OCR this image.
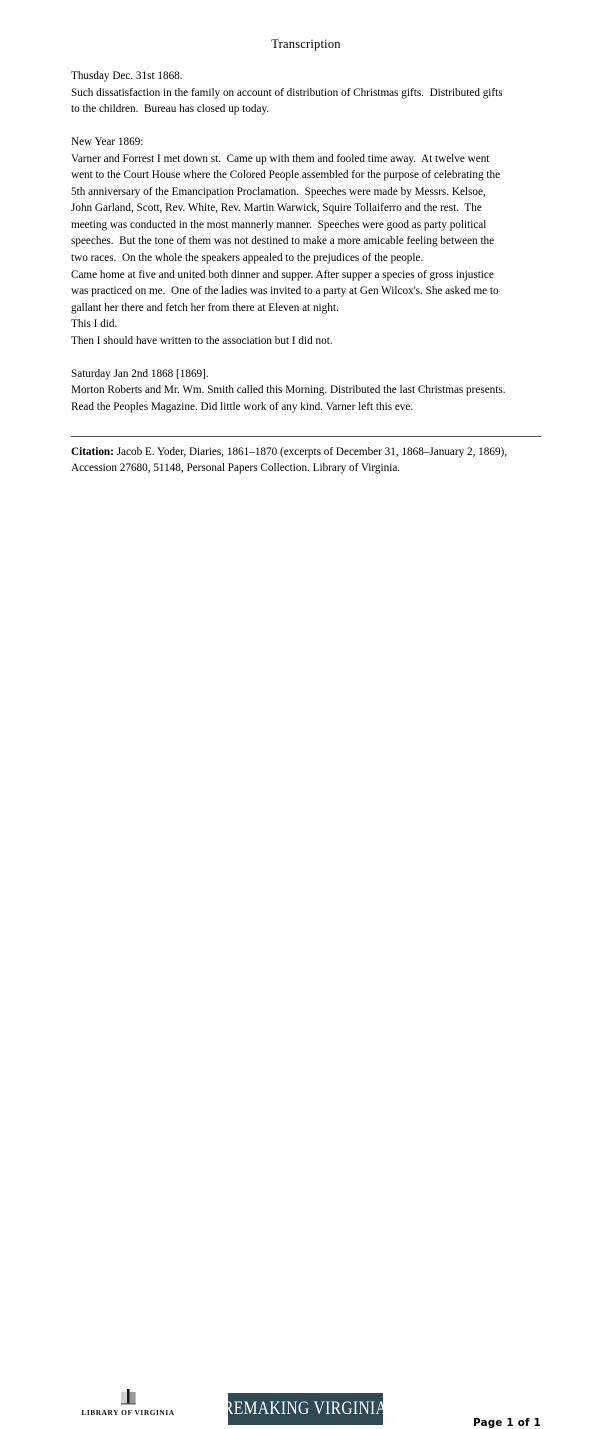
Transcription

Thusday Dec. 31st 1868.
Such dissatisfaction in the family on account of distribution of Christmas gifts.  Distributed gifts
to the children.  Bureau has closed up today.

New Year 1869:
Varner and Forrest I met down st.  Came up with them and fooled time away.  At twelve went
went to the Court House where the Colored People assembled for the purpose of celebrating the
5th anniversary of the Emancipation Proclamation.  Speeches were made by Messrs. Kelsoe,
John Garland, Scott, Rev. White, Rev. Martin Warwick, Squire Tollaiferro and the rest.  The
meeting was conducted in the most mannerly manner.  Speeches were good as party political
speeches.  But the tone of them was not destined to make a more amicable feeling between the
two races.  On the whole the speakers appealed to the prejudices of the people.
Came home at five and united both dinner and supper. After supper a species of gross injustice
was practiced on me.  One of the ladies was invited to a party at Gen Wilcox's. She asked me to
gallant her there and fetch her from there at Eleven at night.
This I did.
Then I should have written to the association but I did not.

Saturday Jan 2nd 1868 [1869].
Morton Roberts and Mr. Wm. Smith called this Morning. Distributed the last Christmas presents.
Read the Peoples Magazine. Did little work of any kind. Varner left this eve.

Citation: Jacob E. Yoder, Diaries, 1861–1870 (excerpts of December 31, 1868–January 2, 1869), Accession 27680, 51148, Personal Papers Collection. Library of Virginia.

LIBRARY OF VIRGINIA	REMAKING VIRGINIA
Page 1 of 1
